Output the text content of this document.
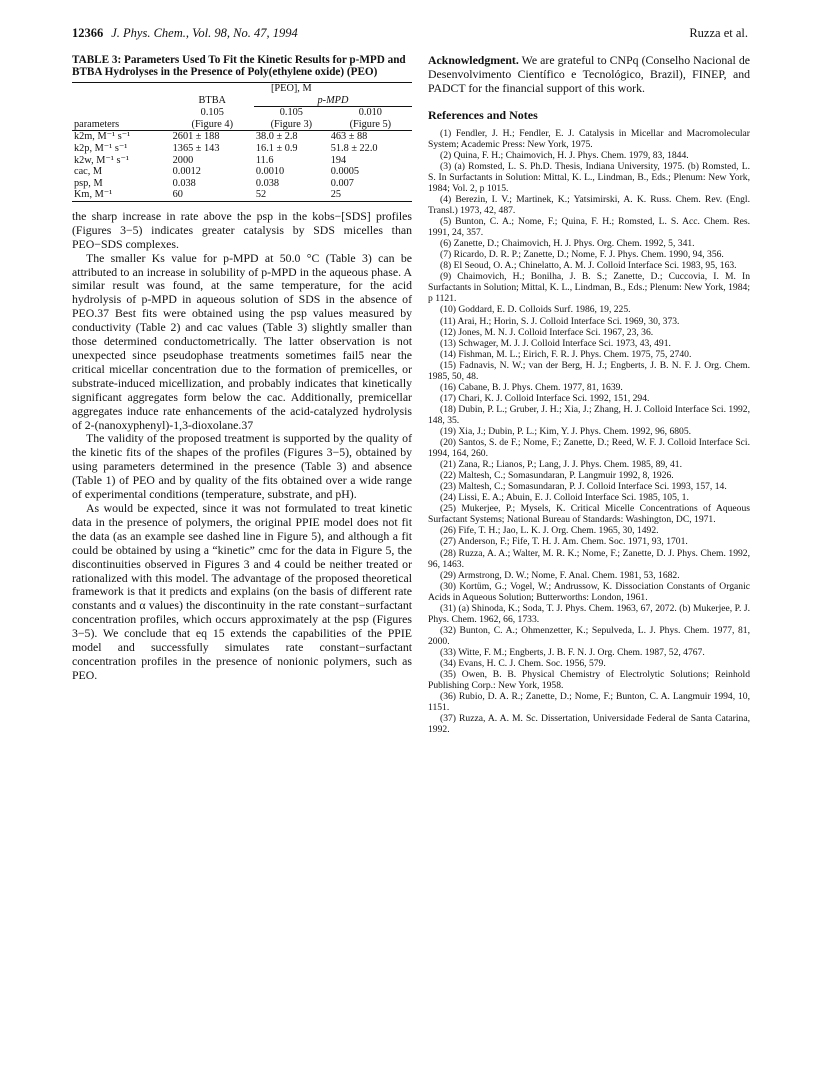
12366 J. Phys. Chem., Vol. 98, No. 47, 1994	Ruzza et al.

TABLE 3: Parameters Used To Fit the Kinetic Results for p-MPD and BTBA Hydrolyses in the Presence of Poly(ethylene oxide) (PEO)

	[PEO], M		
	BTBA	p-MPD	
	0.105	0.105	0.010
parameters	(Figure 4)	(Figure 3)	(Figure 5)
k2m, M⁻¹ s⁻¹	2601 ± 188	38.0 ± 2.8	463 ± 88
k2p, M⁻¹ s⁻¹	1365 ± 143	16.1 ± 0.9	51.8 ± 22.0
k2w, M⁻¹ s⁻¹	2000	11.6	194
cac, M	0.0012	0.0010	0.0005
psp, M	0.038	0.038	0.007
Km, M⁻¹	60	52	25

the sharp increase in rate above the psp in the kobs−[SDS] profiles (Figures 3−5) indicates greater catalysis by SDS micelles than PEO−SDS complexes.

The smaller Ks value for p-MPD at 50.0 °C (Table 3) can be attributed to an increase in solubility of p-MPD in the aqueous phase. A similar result was found, at the same temperature, for the acid hydrolysis of p-MPD in aqueous solution of SDS in the absence of PEO.37 Best fits were obtained using the psp values measured by conductivity (Table 2) and cac values (Table 3) slightly smaller than those determined conductometrically. The latter observation is not unexpected since pseudophase treatments sometimes fail5 near the critical micellar concentration due to the formation of premicelles, or substrate-induced micellization, and probably indicates that kinetically significant aggregates form below the cac. Additionally, premicellar aggregates induce rate enhancements of the acid-catalyzed hydrolysis of 2-(nanoxyphenyl)-1,3-dioxolane.37

The validity of the proposed treatment is supported by the quality of the kinetic fits of the shapes of the profiles (Figures 3−5), obtained by using parameters determined in the presence (Table 3) and absence (Table 1) of PEO and by quality of the fits obtained over a wide range of experimental conditions (temperature, substrate, and pH).

As would be expected, since it was not formulated to treat kinetic data in the presence of polymers, the original PPIE model does not fit the data (as an example see dashed line in Figure 5), and although a fit could be obtained by using a “kinetic” cmc for the data in Figure 5, the discontinuities observed in Figures 3 and 4 could be neither treated or rationalized with this model. The advantage of the proposed theoretical framework is that it predicts and explains (on the basis of different rate constants and α values) the discontinuity in the rate constant−surfactant concentration profiles, which occurs approximately at the psp (Figures 3−5). We conclude that eq 15 extends the capabilities of the PPIE model and successfully simulates rate constant−surfactant concentration profiles in the presence of nonionic polymers, such as PEO.

Acknowledgment. We are grateful to CNPq (Conselho Nacional de Desenvolvimento Científico e Tecnológico, Brazil), FINEP, and PADCT for the financial support of this work.

References and Notes

(1) Fendler, J. H.; Fendler, E. J. Catalysis in Micellar and Macromolecular System; Academic Press: New York, 1975.

(2) Quina, F. H.; Chaimovich, H. J. Phys. Chem. 1979, 83, 1844.

(3) (a) Romsted, L. S. Ph.D. Thesis, Indiana University, 1975. (b) Romsted, L. S. In Surfactants in Solution: Mittal, K. L., Lindman, B., Eds.; Plenum: New York, 1984; Vol. 2, p 1015.

(4) Berezin, I. V.; Martinek, K.; Yatsimirski, A. K. Russ. Chem. Rev. (Engl. Transl.) 1973, 42, 487.

(5) Bunton, C. A.; Nome, F.; Quina, F. H.; Romsted, L. S. Acc. Chem. Res. 1991, 24, 357.

(6) Zanette, D.; Chaimovich, H. J. Phys. Org. Chem. 1992, 5, 341.

(7) Ricardo, D. R. P.; Zanette, D.; Nome, F. J. Phys. Chem. 1990, 94, 356.

(8) El Seoud, O. A.; Chinelatto, A. M. J. Colloid Interface Sci. 1983, 95, 163.

(9) Chaimovich, H.; Bonilha, J. B. S.; Zanette, D.; Cuccovia, I. M. In Surfactants in Solution; Mittal, K. L., Lindman, B., Eds.; Plenum: New York, 1984; p 1121.

(10) Goddard, E. D. Colloids Surf. 1986, 19, 225.

(11) Arai, H.; Horin, S. J. Colloid Interface Sci. 1969, 30, 373.

(12) Jones, M. N. J. Colloid Interface Sci. 1967, 23, 36.

(13) Schwager, M. J. J. Colloid Interface Sci. 1973, 43, 491.

(14) Fishman, M. L.; Eirich, F. R. J. Phys. Chem. 1975, 75, 2740.

(15) Fadnavis, N. W.; van der Berg, H. J.; Engberts, J. B. N. F. J. Org. Chem. 1985, 50, 48.

(16) Cabane, B. J. Phys. Chem. 1977, 81, 1639.

(17) Chari, K. J. Colloid Interface Sci. 1992, 151, 294.

(18) Dubin, P. L.; Gruber, J. H.; Xia, J.; Zhang, H. J. Colloid Interface Sci. 1992, 148, 35.

(19) Xia, J.; Dubin, P. L.; Kim, Y. J. Phys. Chem. 1992, 96, 6805.

(20) Santos, S. de F.; Nome, F.; Zanette, D.; Reed, W. F. J. Colloid Interface Sci. 1994, 164, 260.

(21) Zana, R.; Lianos, P.; Lang, J. J. Phys. Chem. 1985, 89, 41.

(22) Maltesh, C.; Somasundaran, P. Langmuir 1992, 8, 1926.

(23) Maltesh, C.; Somasundaran, P. J. Colloid Interface Sci. 1993, 157, 14.

(24) Lissi, E. A.; Abuin, E. J. Colloid Interface Sci. 1985, 105, 1.

(25) Mukerjee, P.; Mysels, K. Critical Micelle Concentrations of Aqueous Surfactant Systems; National Bureau of Standards: Washington, DC, 1971.

(26) Fife, T. H.; Jao, L. K. J. Org. Chem. 1965, 30, 1492.

(27) Anderson, F.; Fife, T. H. J. Am. Chem. Soc. 1971, 93, 1701.

(28) Ruzza, A. A.; Walter, M. R. K.; Nome, F.; Zanette, D. J. Phys. Chem. 1992, 96, 1463.

(29) Armstrong, D. W.; Nome, F. Anal. Chem. 1981, 53, 1682.

(30) Kortüm, G.; Vogel, W.; Andrussow, K. Dissociation Constants of Organic Acids in Aqueous Solution; Butterworths: London, 1961.

(31) (a) Shinoda, K.; Soda, T. J. Phys. Chem. 1963, 67, 2072. (b) Mukerjee, P. J. Phys. Chem. 1962, 66, 1733.

(32) Bunton, C. A.; Ohmenzetter, K.; Sepulveda, L. J. Phys. Chem. 1977, 81, 2000.

(33) Witte, F. M.; Engberts, J. B. F. N. J. Org. Chem. 1987, 52, 4767.

(34) Evans, H. C. J. Chem. Soc. 1956, 579.

(35) Owen, B. B. Physical Chemistry of Electrolytic Solutions; Reinhold Publishing Corp.: New York, 1958.

(36) Rubio, D. A. R.; Zanette, D.; Nome, F.; Bunton, C. A. Langmuir 1994, 10, 1151.

(37) Ruzza, A. A. M. Sc. Dissertation, Universidade Federal de Santa Catarina, 1992.
